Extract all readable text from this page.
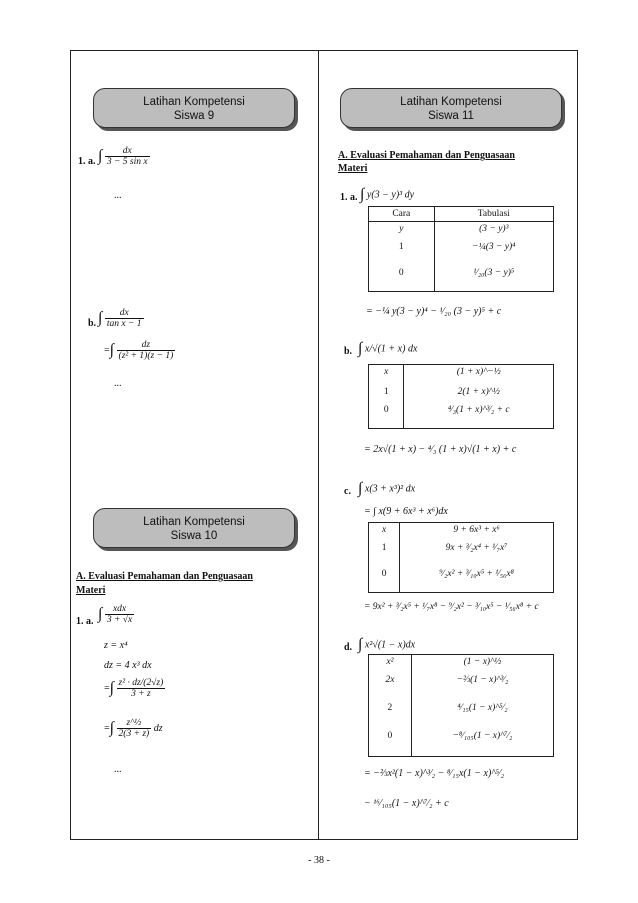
Latihan Kompetensi
Siswa 9
Latihan Kompetensi
Siswa 10
Latihan Kompetensi
Siswa 11
1. a. ∫ $\frac{dx}{\text{3 − 5 sin x}}$
...
b. ∫ $\frac{dx}{\text{tan x − 1}}$
=∫ $\frac{dz}{\text{(z² + 1)(z − 1)}}$
...
A. Evaluasi Pemahaman dan Penguasaan Materi
1. a. ∫ $\frac{\text{xdx}}{3 + √x}$
z = x⁴
dz = 4 x³ dx
=∫ $\frac{\text{z² · dz/(2√z)}}{3 + z}$
=∫ $\frac{\text{z\textasciicircum{}½}}{2(3 + z)}$ dz
...
A. Evaluasi Pemahaman dan Penguasaan
Materi
1. a. ∫ y(3 − y)³ dy
Cara	Tabulasi
y	(3 − y)³
1	−¼(3 − y)⁴
0	¹⁄₂₀(3 − y)⁵
= −¼ y(3 − y)⁴ − ¹⁄₂₀ (3 − y)⁵ + c
b. ∫ x/√(1 + x) dx
x	(1 + x)^−½
1	2(1 + x)^½
0	⁴⁄₃(1 + x)^³⁄₂ + c
= 2x√(1 + x) − ⁴⁄₃ (1 + x)√(1 + x) + c
c. ∫ x(3 + x³)² dx
= ∫ x(9 + 6x³ + x⁶)dx
x	9 + 6x³ + x⁶
1	9x + ³⁄₂x⁴ + ¹⁄₇x⁷
0	⁹⁄₂x² + ³⁄₁₀x⁵ + ¹⁄₅₆x⁸
= 9x² + ³⁄₂x⁵ + ¹⁄₇x⁸ − ⁹⁄₂x² − ³⁄₁₀x⁵ − ¹⁄₅₆x⁸ + c
d. ∫ x²√(1 − x)dx
x²	(1 − x)^½
2x	−⅔(1 − x)^³⁄₂
2	⁴⁄₁₅(1 − x)^⁵⁄₂
0	−⁸⁄₁₀₅(1 − x)^⁷⁄₂
= −⅔x²(1 − x)^³⁄₂ − ⁸⁄₁₅x(1 − x)^⁵⁄₂
− ¹⁶⁄₁₀₅(1 − x)^⁷⁄₂ + c
- 38 -
